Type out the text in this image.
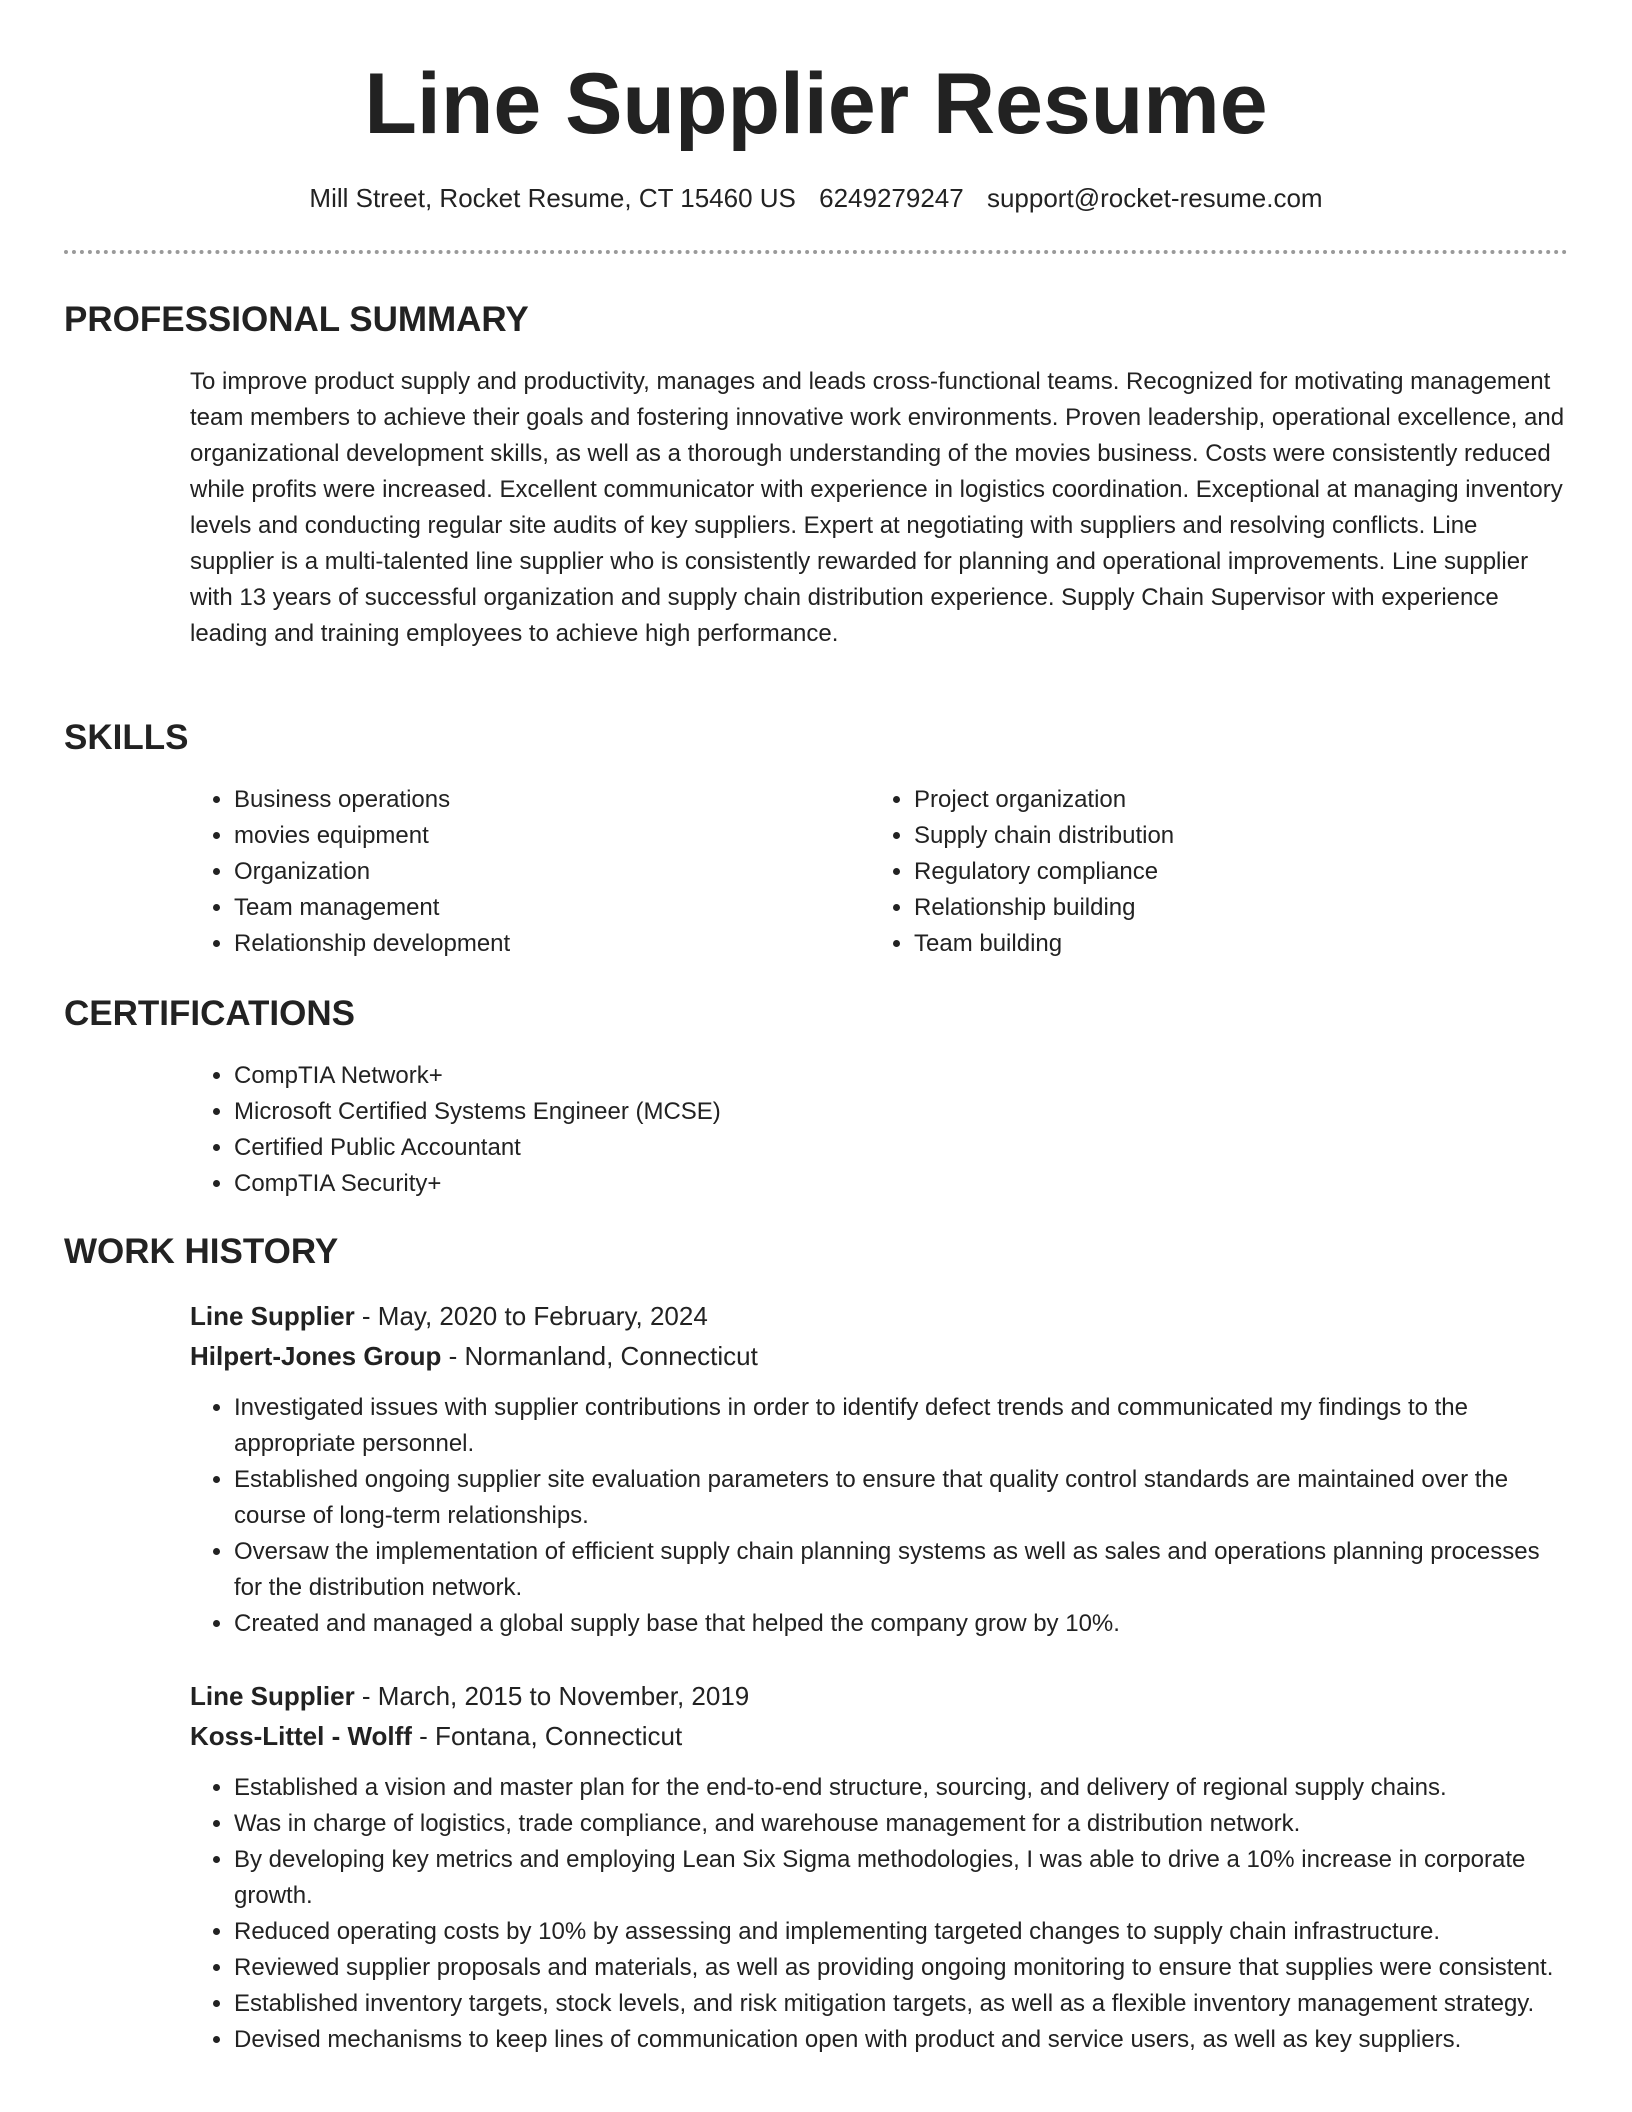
Line Supplier Resume
Mill Street, Rocket Resume, CT 15460 US 6249279247 support@rocket-resume.com
PROFESSIONAL SUMMARY
To improve product supply and productivity, manages and leads cross-functional teams. Recognized for motivating management team members to achieve their goals and fostering innovative work environments. Proven leadership, operational excellence, and organizational development skills, as well as a thorough understanding of the movies business. Costs were consistently reduced while profits were increased. Excellent communicator with experience in logistics coordination. Exceptional at managing inventory levels and conducting regular site audits of key suppliers. Expert at negotiating with suppliers and resolving conflicts. Line supplier is a multi-talented line supplier who is consistently rewarded for planning and operational improvements. Line supplier with 13 years of successful organization and supply chain distribution experience. Supply Chain Supervisor with experience leading and training employees to achieve high performance.
SKILLS
• Business operations
• movies equipment
• Organization
• Team management
• Relationship development
• Project organization
• Supply chain distribution
• Regulatory compliance
• Relationship building
• Team building
CERTIFICATIONS
• CompTIA Network+
• Microsoft Certified Systems Engineer (MCSE)
• Certified Public Accountant
• CompTIA Security+
WORK HISTORY
Line Supplier - May, 2020 to February, 2024
Hilpert-Jones Group - Normanland, Connecticut
• Investigated issues with supplier contributions in order to identify defect trends and communicated my findings to the appropriate personnel.
• Established ongoing supplier site evaluation parameters to ensure that quality control standards are maintained over the course of long-term relationships.
• Oversaw the implementation of efficient supply chain planning systems as well as sales and operations planning processes for the distribution network.
• Created and managed a global supply base that helped the company grow by 10%.
Line Supplier - March, 2015 to November, 2019
Koss-Littel - Wolff - Fontana, Connecticut
• Established a vision and master plan for the end-to-end structure, sourcing, and delivery of regional supply chains.
• Was in charge of logistics, trade compliance, and warehouse management for a distribution network.
• By developing key metrics and employing Lean Six Sigma methodologies, I was able to drive a 10% increase in corporate growth.
• Reduced operating costs by 10% by assessing and implementing targeted changes to supply chain infrastructure.
• Reviewed supplier proposals and materials, as well as providing ongoing monitoring to ensure that supplies were consistent.
• Established inventory targets, stock levels, and risk mitigation targets, as well as a flexible inventory management strategy.
• Devised mechanisms to keep lines of communication open with product and service users, as well as key suppliers.
